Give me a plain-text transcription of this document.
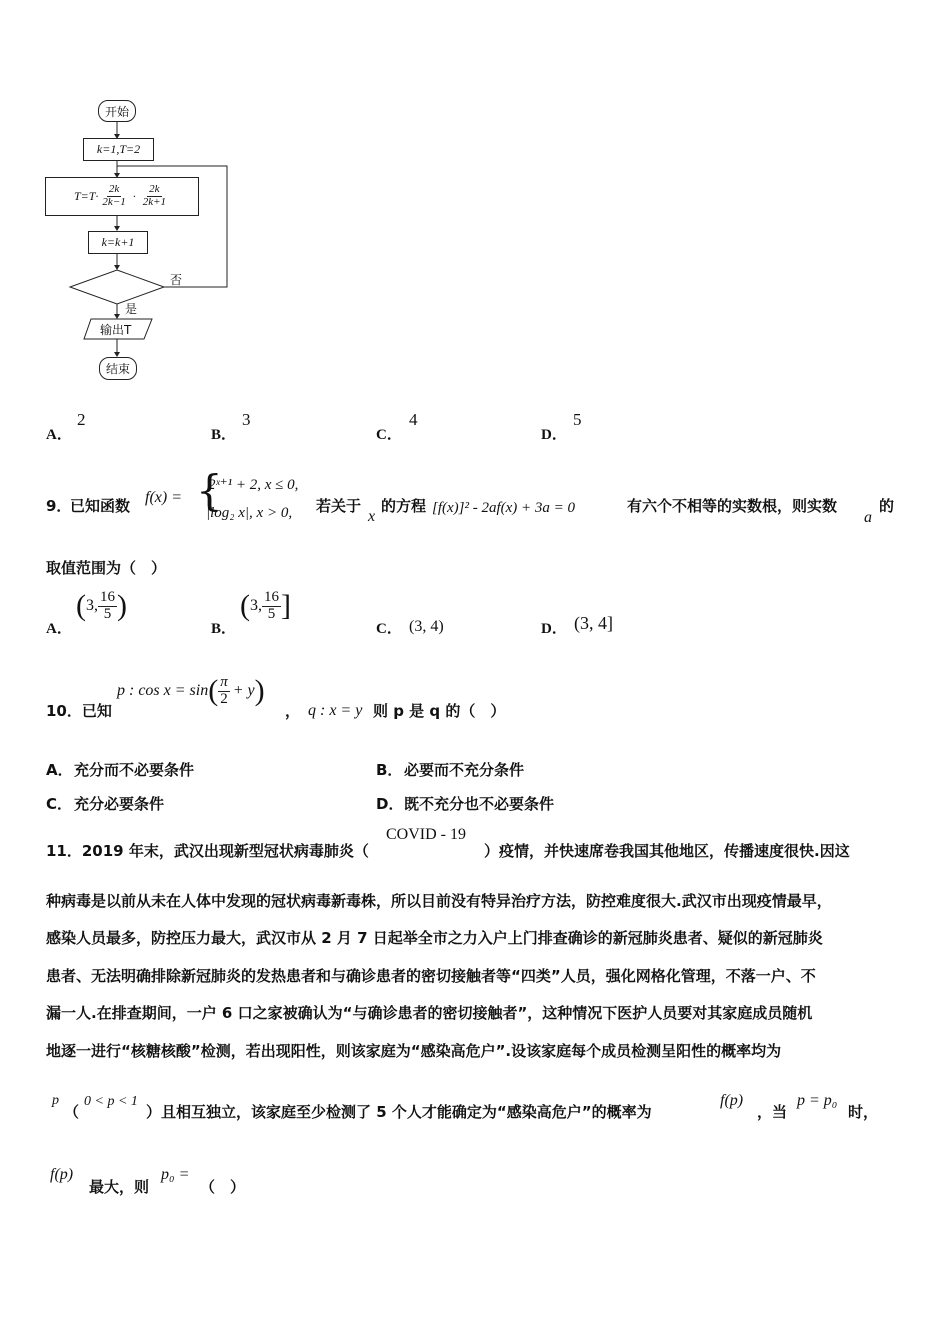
开始
k=1,T=2
$T=T\cdot \frac{2k}{2k-1} \cdot \frac{2k}{2k+1}$
k=k+1
否
是
输出T
结束
A．
2
B．
3
C．
4
D．
5
9．
已知函数 f(x) = {
2ˣ⁺¹ + 2, x ≤ 0,
|log₂ x|, x > 0, 若关于
x
的方程 [f(x)]² - 2af(x) + 3a = 0	有六个不相等的实数根，则实数
a
的
取值范围为（　）
A．
( 3, $\frac{16}{5}$ )
B．
( 3, $\frac{16}{5}$ ]
C． (3, 4)	D． (3, 4]
10．已知
p : cos x = sin ( $\frac{\pi}{2} + y$ )
， q : x = y 则 p 是 q 的（　）
A． 充分而不必要条件	B． 必要而不充分条件
C． 充分必要条件	D． 既不充分也不必要条件
11．2019 年末，武汉出现新型冠状病毒肺炎（
COVID - 19
）疫情，并快速席卷我国其他地区，传播速度很快.因这
种病毒是以前从未在人体中发现的冠状病毒新毒株，所以目前没有特异治疗方法，防控难度很大.武汉市出现疫情最早，
感染人员最多，防控压力最大，武汉市从 2 月 7 日起举全市之力入户上门排查确诊的新冠肺炎患者、疑似的新冠肺炎
患者、无法明确排除新冠肺炎的发热患者和与确诊患者的密切接触者等“四类”人员，强化网格化管理，不落一户、不
漏一人.在排查期间，一户 6 口之家被确认为“与确诊患者的密切接触者”，这种情况下医护人员要对其家庭成员随机
地逐一进行“核糖核酸”检测，若出现阳性，则该家庭为“感染高危户”.设该家庭每个成员检测呈阳性的概率均为
p
（
0 < p < 1
）且相互独立，该家庭至少检测了 5 个人才能确定为“感染高危户”的概率为
f(p)
，当
p = p₀
时，
f(p)
最大，则
p₀ =
（　）
